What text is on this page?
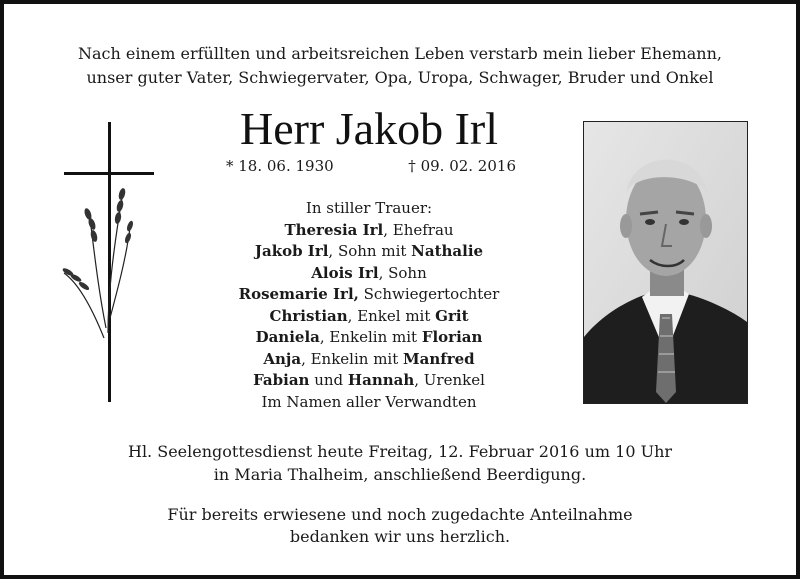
Nach einem erfüllten und arbeitsreichen Leben verstarb mein lieber Ehemann,
unser guter Vater, Schwiegervater, Opa, Uropa, Schwager, Bruder und Onkel
Herr Jakob Irl
* 18. 06. 1930	† 09. 02. 2016
In stiller Trauer:
Theresia Irl, Ehefrau
Jakob Irl, Sohn mit Nathalie
Alois Irl, Sohn
Rosemarie Irl, Schwiegertochter
Christian, Enkel mit Grit
Daniela, Enkelin mit Florian
Anja, Enkelin mit Manfred
Fabian und Hannah, Urenkel
Im Namen aller Verwandten
Hl. Seelengottesdienst heute Freitag, 12. Februar 2016 um 10 Uhr
in Maria Thalheim, anschließend Beerdigung.
Für bereits erwiesene und noch zugedachte Anteilnahme
bedanken wir uns herzlich.
